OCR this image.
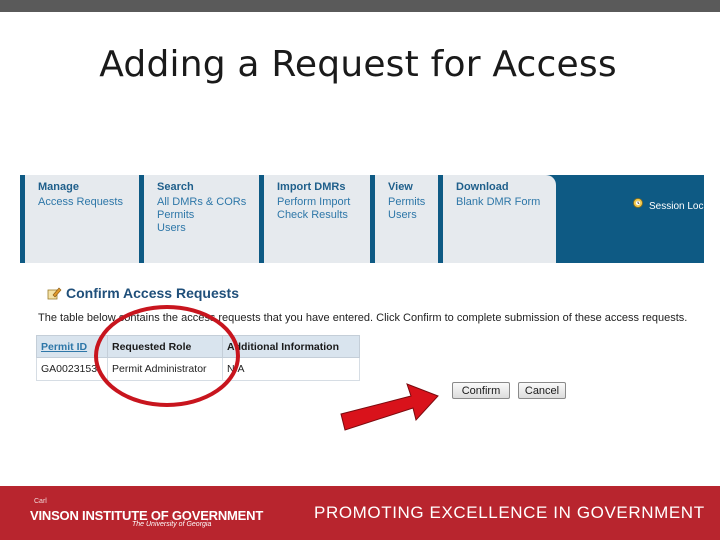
Adding a Request for Access
Manage
Access Requests
Search
All DMRs & CORs
Permits
Users
Import DMRs
Perform Import
Check Results
View
Permits
Users
Download
Blank DMR Form	Session Loc
Confirm Access Requests
The table below contains the access requests that you have entered. Click Confirm to complete submission of these access requests.
Permit ID	Requested Role	Additional Information
GA0023153	Permit Administrator	N/A
Confirm	Cancel
Carl
VINSON INSTITUTE OF GOVERNMENT
The University of Georgia
PROMOTING EXCELLENCE IN GOVERNMENT
